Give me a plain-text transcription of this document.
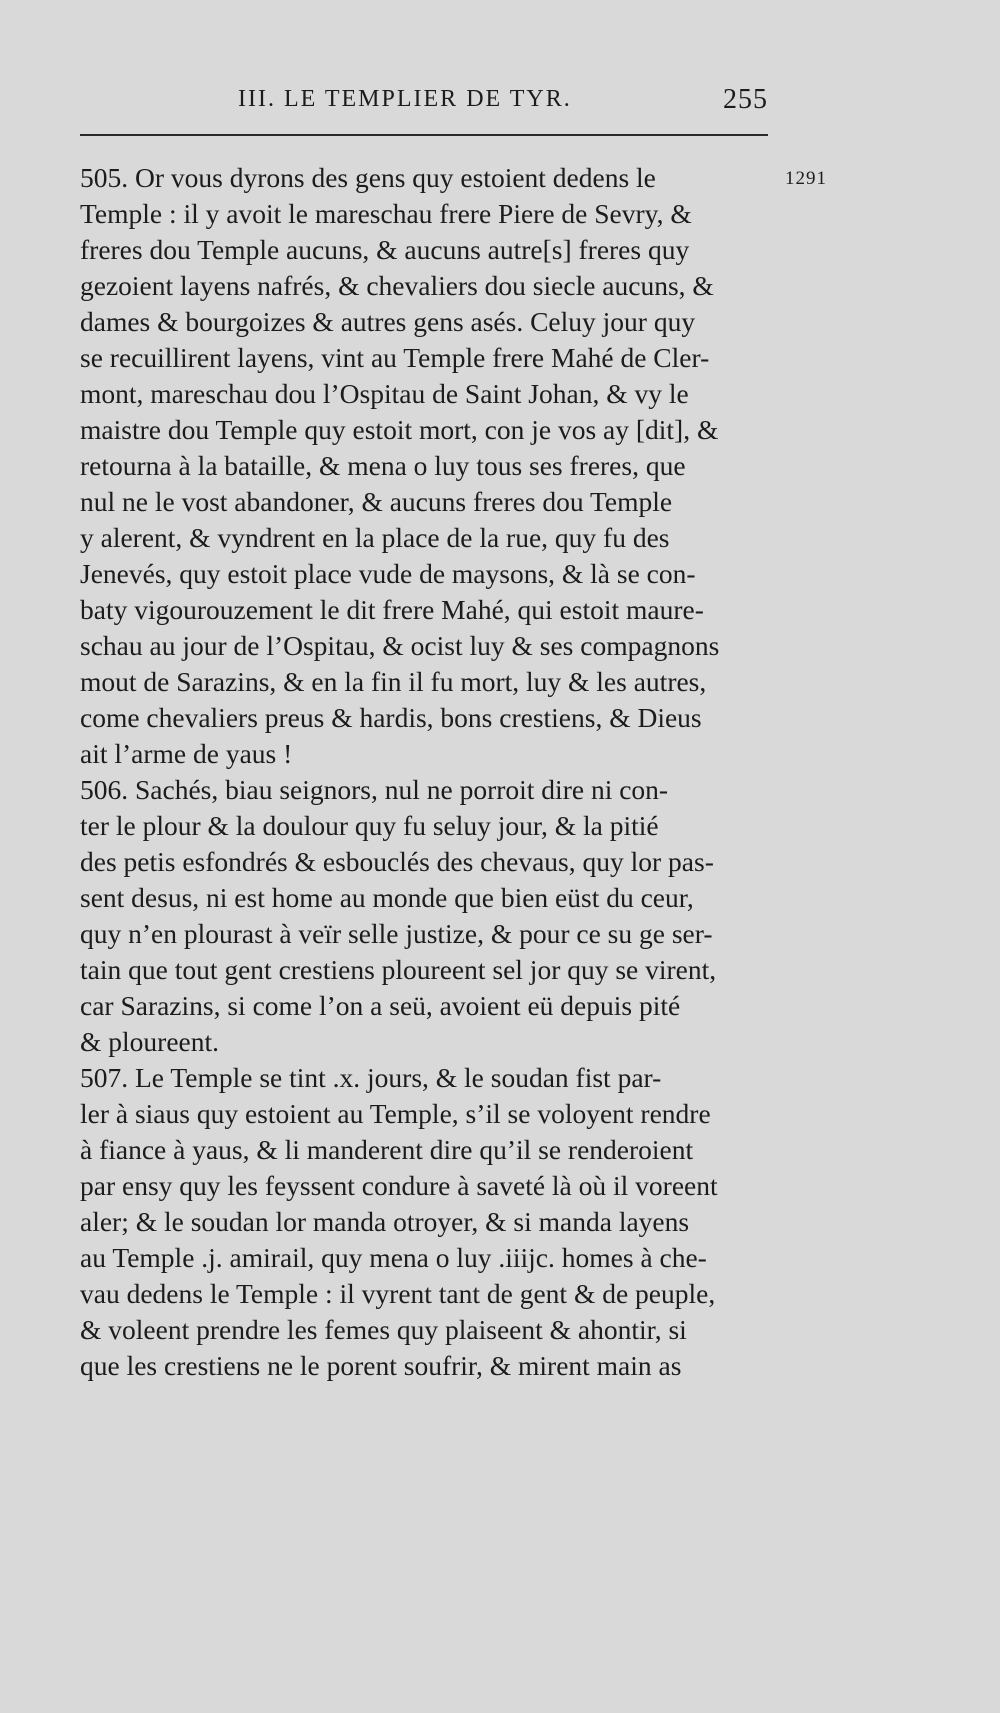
III. LE TEMPLIER DE TYR.	255
1291
505. Or vous dyrons des gens quy estoient dedens le
Temple : il y avoit le mareschau frere Piere de Sevry, &
freres dou Temple aucuns, & aucuns autre[s] freres quy
gezoient layens nafrés, & chevaliers dou siecle aucuns, &
dames & bourgoizes & autres gens asés. Celuy jour quy
se recuillirent layens, vint au Temple frere Mahé de Cler-
mont, mareschau dou l’Ospitau de Saint Johan, & vy le
maistre dou Temple quy estoit mort, con je vos ay [dit], &
retourna à la bataille, & mena o luy tous ses freres, que
nul ne le vost abandoner, & aucuns freres dou Temple
y alerent, & vyndrent en la place de la rue, quy fu des
Jenevés, quy estoit place vude de maysons, & là se con-
baty vigourouzement le dit frere Mahé, qui estoit maure-
schau au jour de l’Ospitau, & ocist luy & ses compagnons
mout de Sarazins, & en la fin il fu mort, luy & les autres,
come chevaliers preus & hardis, bons crestiens, & Dieus
ait l’arme de yaus !
506. Sachés, biau seignors, nul ne porroit dire ni con-
ter le plour & la doulour quy fu seluy jour, & la pitié
des petis esfondrés & esbouclés des chevaus, quy lor pas-
sent desus, ni est home au monde que bien eüst du ceur,
quy n’en plourast à veïr selle justize, & pour ce su ge ser-
tain que tout gent crestiens ploureent sel jor quy se virent,
car Sarazins, si come l’on a seü, avoient eü depuis pité
& ploureent.
507. Le Temple se tint .x. jours, & le soudan fist par-
ler à siaus quy estoient au Temple, s’il se voloyent rendre
à fiance à yaus, & li manderent dire qu’il se renderoient
par ensy quy les feyssent condure à saveté là où il voreent
aler; & le soudan lor manda otroyer, & si manda layens
au Temple .j. amirail, quy mena o luy .iiijc. homes à che-
vau dedens le Temple : il vyrent tant de gent & de peuple,
& voleent prendre les femes quy plaiseent & ahontir, si
que les crestiens ne le porent soufrir, & mirent main as
